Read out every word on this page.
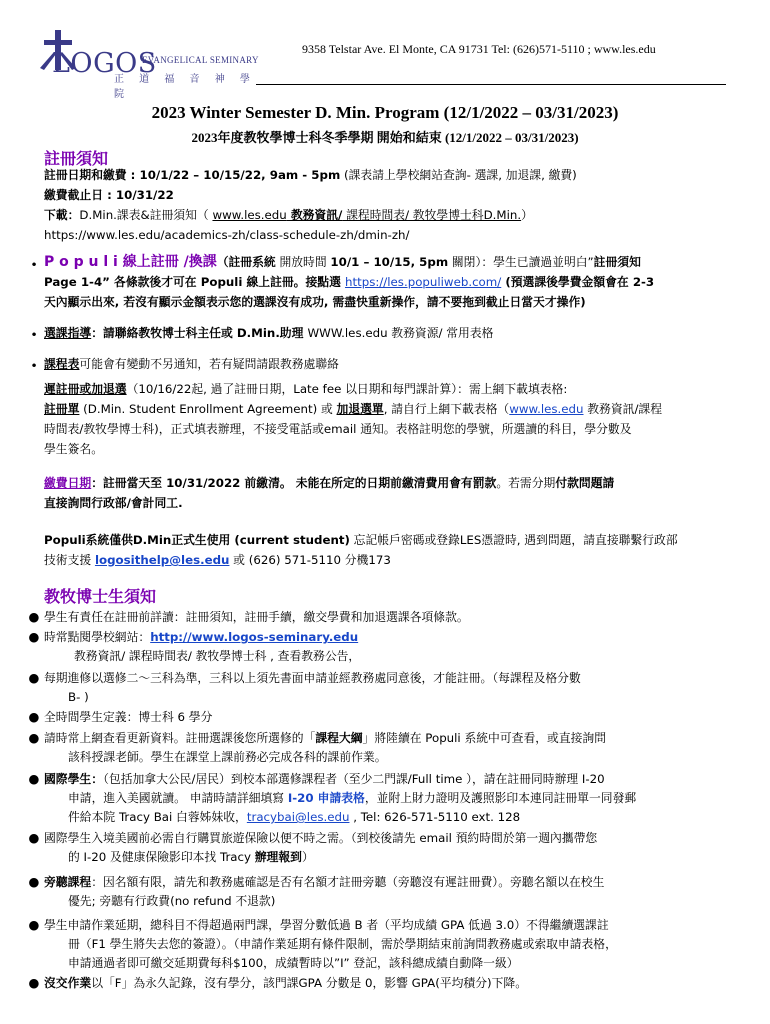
LOGOS
EVANGELICAL SEMINARY
正 道 福 音 神 學 院
9358 Telstar Ave. El Monte, CA 91731 Tel: (626)571-5110 ; www.les.edu
2023 Winter Semester D. Min. Program (12/1/2022 – 03/31/2023)
2023年度教牧學博士科冬季學期 開始和結束 (12/1/2022 – 03/31/2023)
註冊須知
註冊日期和繳費 : 10/1/22 – 10/15/22, 9am - 5pm (課表請上學校網站查詢- 選課, 加退課, 繳費)
繳費截止日 : 10/31/22
下載：D.Min.課表&註冊須知（ www.les.edu 教務資訊/ 課程時間表/ 教牧學博士科D.Min.）
https://www.les.edu/academics-zh/class-schedule-zh/dmin-zh/
• P o p u l i 線上註冊 /換課（註冊系統 開放時間 10/1 – 10/15, 5pm 關閉）：學生已讀過並明白”註冊須知
Page 1-4” 各條款後才可在 Populi 線上註冊。接點選 https://les.populiweb.com/ (預選課後學費金額會在 2-3
天內顯示出來, 若沒有顯示金額表示您的選課沒有成功, 需盡快重新操作，請不要拖到截止日當天才操作)
• 選課指導：請聯絡教牧博士科主任或 D.Min.助理 WWW.les.edu 教務資源/ 常用表格
• 課程表可能會有變動不另通知，若有疑問請跟教務處聯絡
遲註冊或加退選（10/16/22起, 過了註冊日期，Late fee 以日期和每門課計算）：需上網下載填表格:
註冊單 (D.Min. Student Enrollment Agreement) 或 加退選單, 請自行上網下載表格（www.les.edu 教務資訊/課程
時間表/教牧學博士科)，正式填表辦理，不接受電話或email 通知。表格註明您的學號，所選讀的科目，學分數及
學生簽名。
繳費日期：註冊當天至 10/31/2022 前繳清。 未能在所定的日期前繳清費用會有罰款。若需分期付款問題請
直接詢問行政部/會計同工.
Populi系統僅供D.Min正式生使用 (current student) 忘記帳戶密碼或登錄LES憑證時, 遇到問題，請直接聯繫行政部
技術支援 logosithelp@les.edu 或 (626) 571-5110 分機173
教牧博士生須知
● 學生有責任在註冊前詳讀：註冊須知，註冊手續，繳交學費和加退選課各項條款。
● 時常點閱學校網站：http://www.logos-seminary.edu
教務資訊/ 課程時間表/ 教牧學博士科 , 查看教務公告，
● 每期進修以選修二～三科為準，三科以上須先書面申請並經教務處同意後，才能註冊。（每課程及格分數
B- )
● 全時間學生定義：博士科 6 學分
● 請時常上網查看更新資料。註冊選課後您所選修的「課程大綱」將陸續在 Populi 系統中可查看，或直接詢問
該科授課老師。學生在課堂上課前務必完成各科的課前作業。
● 國際學生：（包括加拿大公民/居民）到校本部選修課程者（至少二門課/Full time ），請在註冊同時辦理 I-20
申請，進入美國就讀。 申請時請詳細填寫 I-20 申請表格，並附上財力證明及護照影印本連同註冊單一同發郵
件給本院 Tracy Bai 白蓉姊妹收，tracybai@les.edu , Tel: 626-571-5110 ext. 128
● 國際學生入境美國前必需自行購買旅遊保險以便不時之需。（到校後請先 email 預約時間於第一週內攜帶您
的 I-20 及健康保險影印本找 Tracy 辦理報到）
● 旁聽課程：因名額有限，請先和教務處確認是否有名額才註冊旁聽（旁聽沒有遲註冊費）。旁聽名額以在校生
優先; 旁聽有行政費(no refund 不退款)
● 學生申請作業延期，總科目不得超過兩門課，學習分數低過 B 者（平均成績 GPA 低過 3.0）不得繼續選課註
冊（F1 學生將失去您的簽證）。（申請作業延期有條件限制，需於學期結束前詢問教務處或索取申請表格，
申請通過者即可繳交延期費每科$100，成績暫時以”I” 登記，該科總成績自動降一級）
● 沒交作業以「F」為永久記錄，沒有學分，該門課GPA 分數是 0，影響 GPA(平均積分)下降。
